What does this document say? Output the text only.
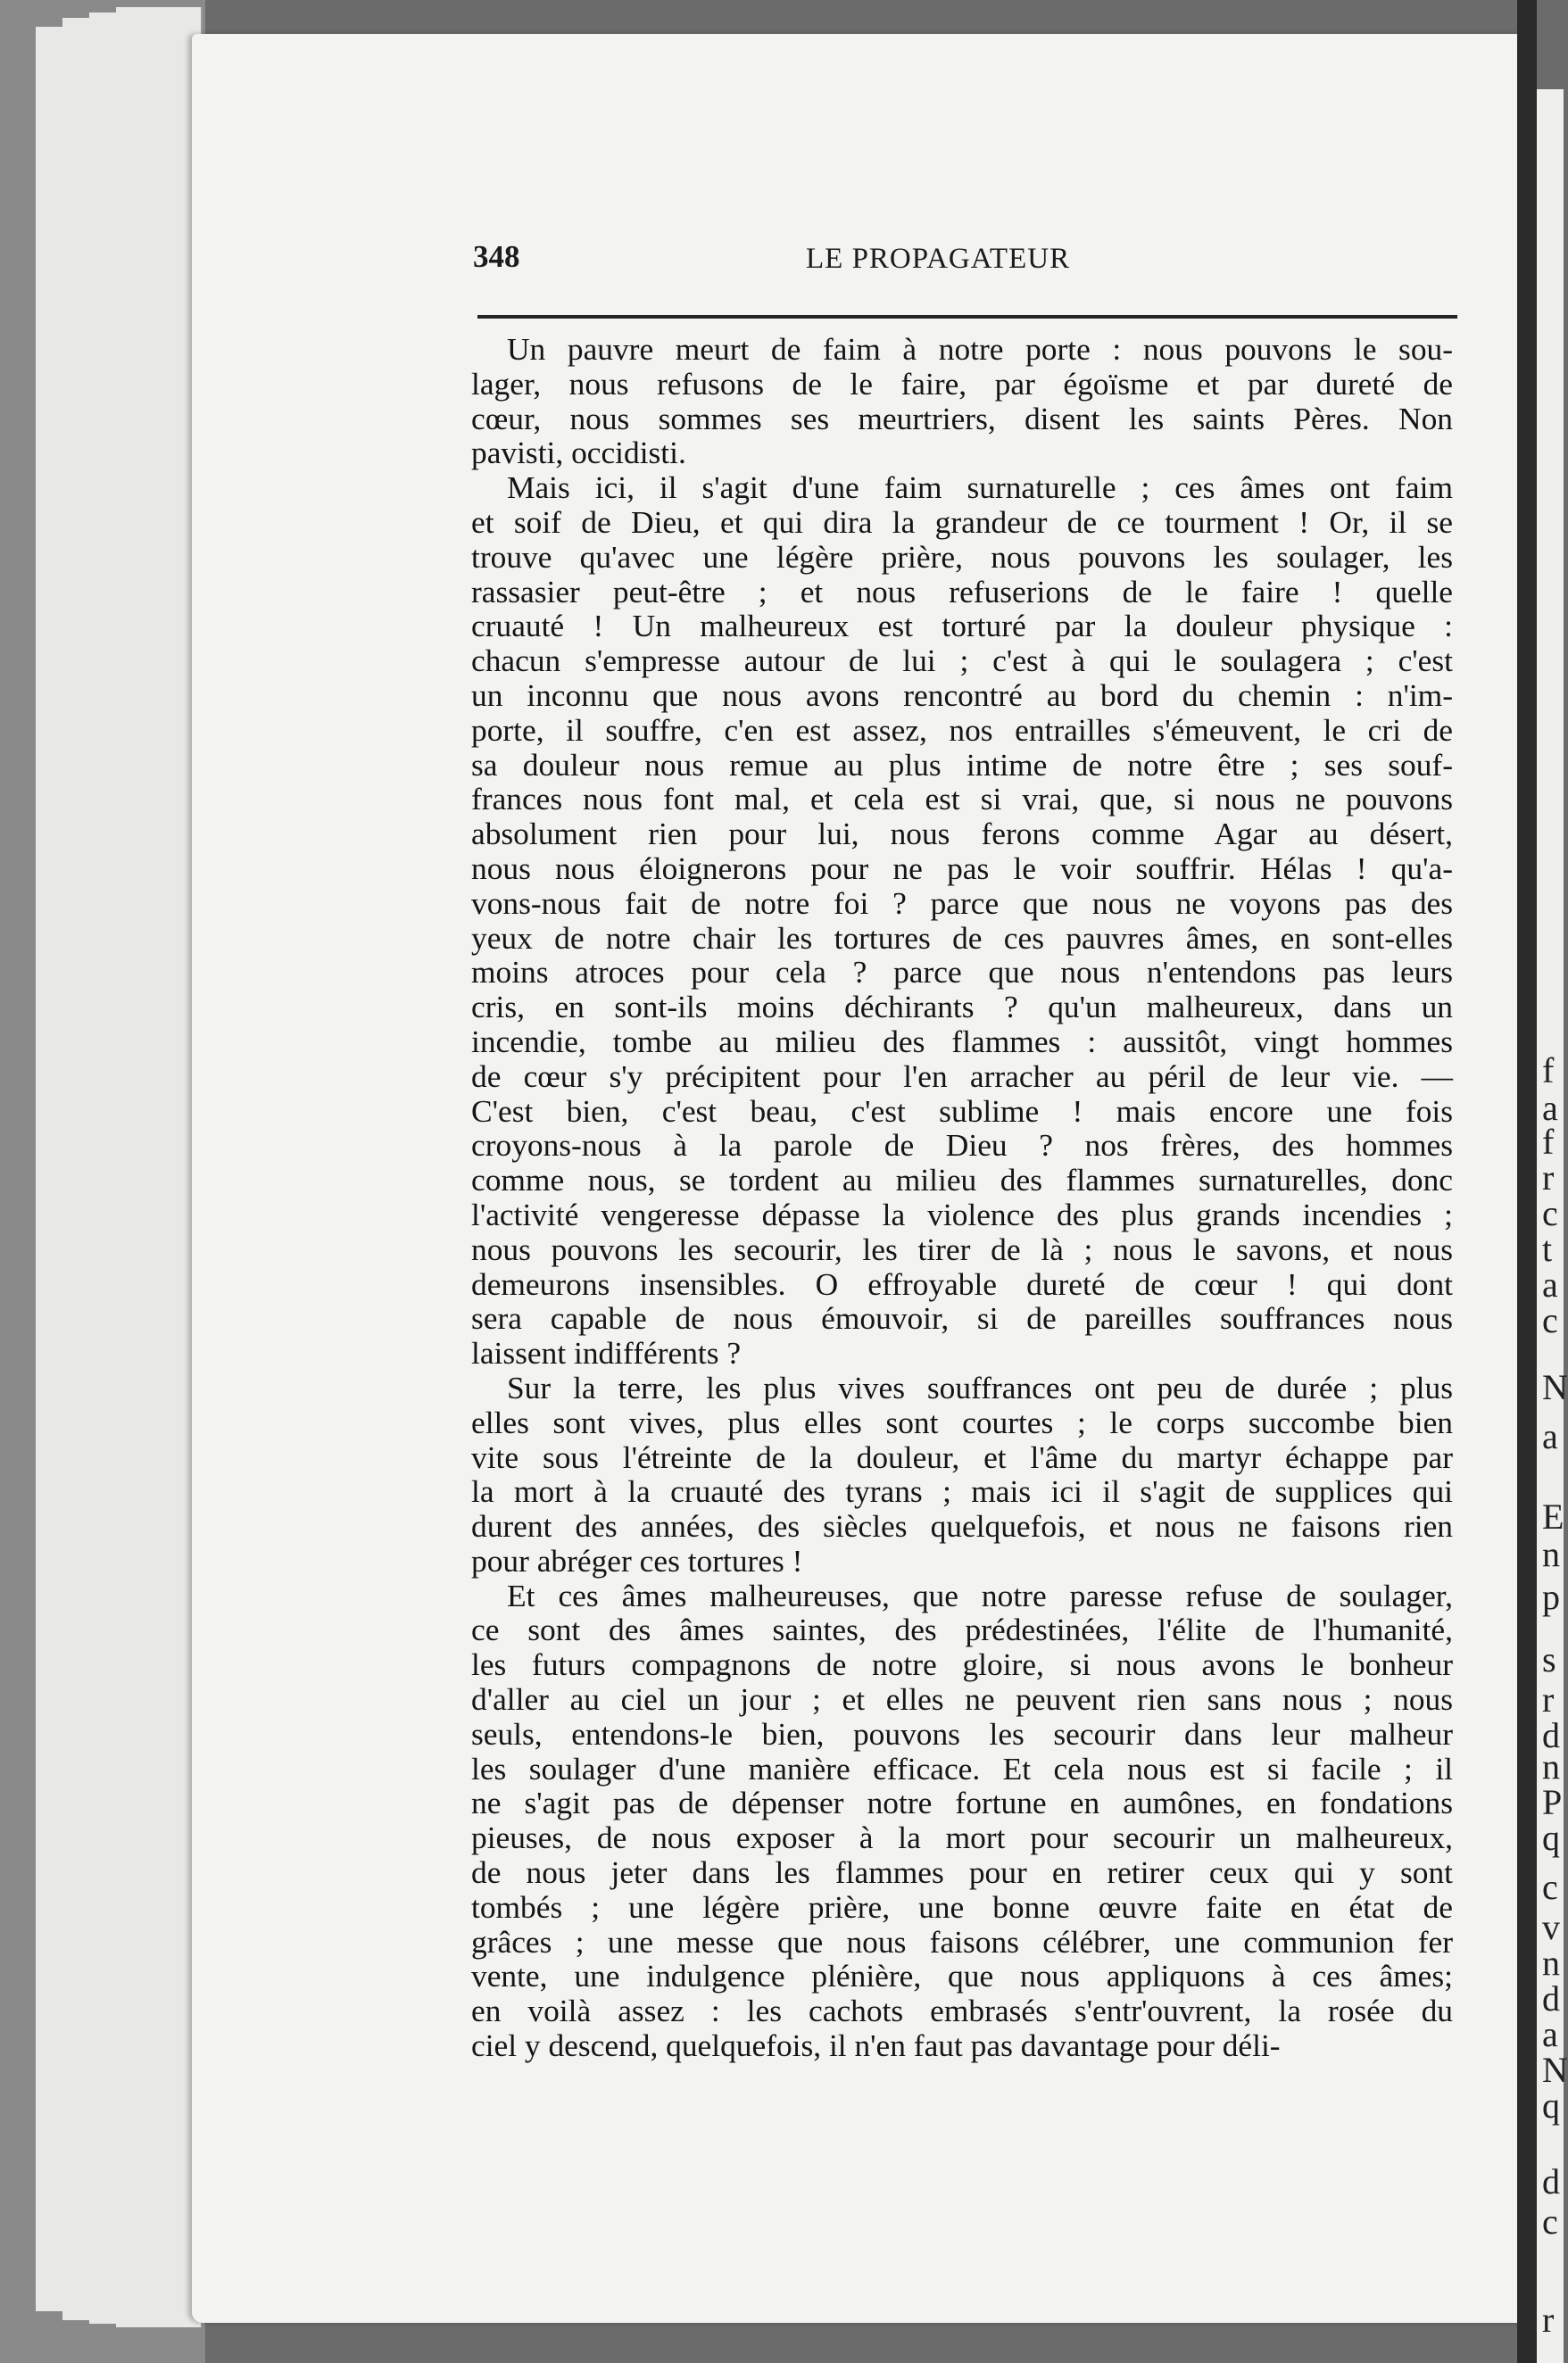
f
a
f
r
c
t
a
c
N
a
E
n
p
s
r
d
n
P
q
c
v
n
d
a
N
q
d
c
r
348	LE PROPAGATEUR

Un pauvre meurt de faim à notre porte : nous pouvons le sou-

lager, nous refusons de le faire, par égoïsme et par dureté de

cœur, nous sommes ses meurtriers, disent les saints Pères. Non

pavisti, occidisti.

Mais ici, il s'agit d'une faim surnaturelle ; ces âmes ont faim

et soif de Dieu, et qui dira la grandeur de ce tourment ! Or, il se

trouve qu'avec une légère prière, nous pouvons les soulager, les

rassasier peut-être ; et nous refuserions de le faire ! quelle

cruauté ! Un malheureux est torturé par la douleur physique :

chacun s'empresse autour de lui ; c'est à qui le soulagera ; c'est

un inconnu que nous avons rencontré au bord du chemin : n'im-

porte, il souffre, c'en est assez, nos entrailles s'émeuvent, le cri de

sa douleur nous remue au plus intime de notre être ; ses souf-

frances nous font mal, et cela est si vrai, que, si nous ne pouvons

absolument rien pour lui, nous ferons comme Agar au désert,

nous nous éloignerons pour ne pas le voir souffrir. Hélas ! qu'a-

vons-nous fait de notre foi ? parce que nous ne voyons pas des

yeux de notre chair les tortures de ces pauvres âmes, en sont-elles

moins atroces pour cela ? parce que nous n'entendons pas leurs

cris, en sont-ils moins déchirants ? qu'un malheureux, dans un

incendie, tombe au milieu des flammes : aussitôt, vingt hommes

de cœur s'y précipitent pour l'en arracher au péril de leur vie. —

C'est bien, c'est beau, c'est sublime ! mais encore une fois

croyons-nous à la parole de Dieu ? nos frères, des hommes

comme nous, se tordent au milieu des flammes surnaturelles, donc

l'activité vengeresse dépasse la violence des plus grands incendies ;

nous pouvons les secourir, les tirer de là ; nous le savons, et nous

demeurons insensibles. O effroyable dureté de cœur ! qui dont

sera capable de nous émouvoir, si de pareilles souffrances nous

laissent indifférents ?

Sur la terre, les plus vives souffrances ont peu de durée ; plus

elles sont vives, plus elles sont courtes ; le corps succombe bien

vite sous l'étreinte de la douleur, et l'âme du martyr échappe par

la mort à la cruauté des tyrans ; mais ici il s'agit de supplices qui

durent des années, des siècles quelquefois, et nous ne faisons rien

pour abréger ces tortures !

Et ces âmes malheureuses, que notre paresse refuse de soulager,

ce sont des âmes saintes, des prédestinées, l'élite de l'humanité,

les futurs compagnons de notre gloire, si nous avons le bonheur

d'aller au ciel un jour ; et elles ne peuvent rien sans nous ; nous

seuls, entendons-le bien, pouvons les secourir dans leur malheur

les soulager d'une manière efficace. Et cela nous est si facile ; il

ne s'agit pas de dépenser notre fortune en aumônes, en fondations

pieuses, de nous exposer à la mort pour secourir un malheureux,

de nous jeter dans les flammes pour en retirer ceux qui y sont

tombés ; une légère prière, une bonne œuvre faite en état de

grâces ; une messe que nous faisons célébrer, une communion fer

vente, une indulgence plénière, que nous appliquons à ces âmes;

en voilà assez : les cachots embrasés s'entr'ouvrent, la rosée du

ciel y descend, quelquefois, il n'en faut pas davantage pour déli-
